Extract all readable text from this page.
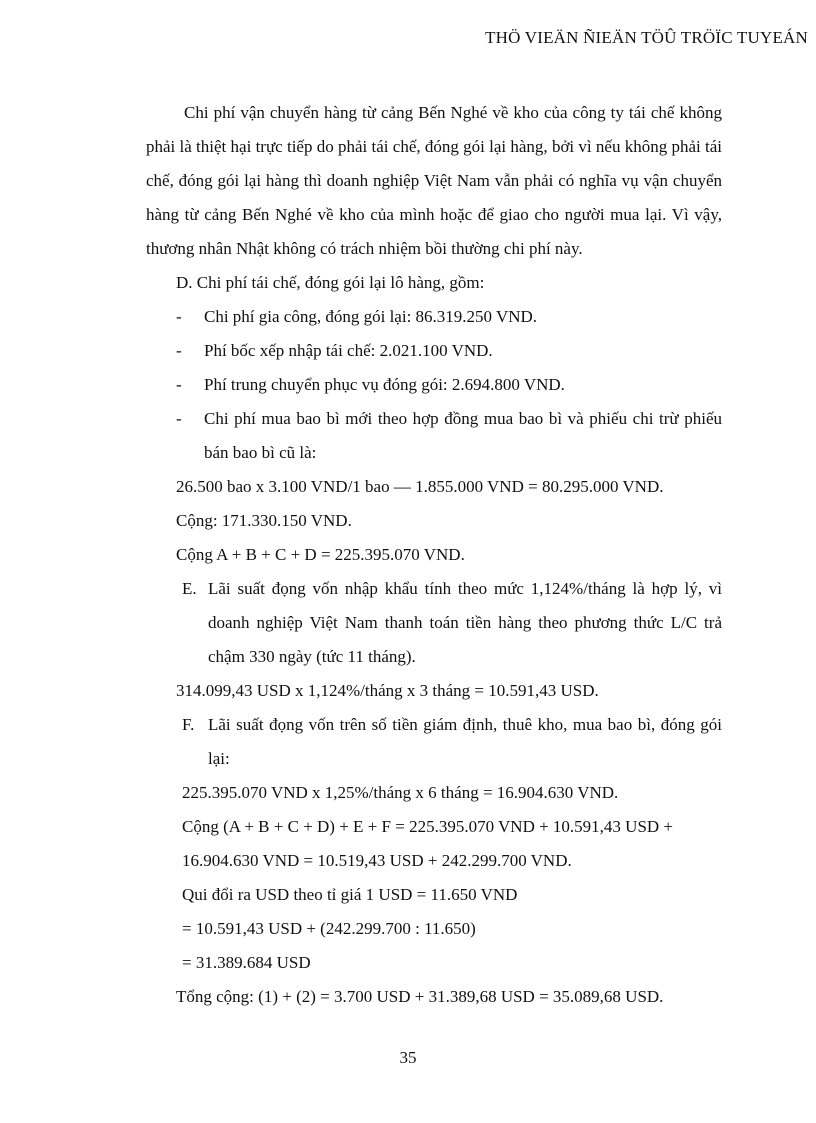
THÖ VIEÄN ÑIEÄN TÖÛ TRÖÏC TUYEÁN

Chi phí vận chuyển hàng từ cảng Bến Nghé về kho của công ty tái chế không phải là thiệt hại trực tiếp do phải tái chế, đóng gói lại hàng, bởi vì nếu không phải tái chế, đóng gói lại hàng thì doanh nghiệp Việt Nam vẫn phải có nghĩa vụ vận chuyển hàng từ cảng Bến Nghé về kho của mình hoặc để giao cho người mua lại. Vì vậy, thương nhân Nhật không có trách nhiệm bồi thường chi phí này.

D. Chi phí tái chế, đóng gói lại lô hàng, gồm:

-	Chi phí gia công, đóng gói lại: 86.319.250 VND.
-	Phí bốc xếp nhập tái chế: 2.021.100 VND.
-	Phí trung chuyển phục vụ đóng gói: 2.694.800 VND.
-	Chi phí mua bao bì mới theo hợp đồng mua bao bì và phiếu chi trừ phiếu bán bao bì cũ là:

26.500 bao x 3.100 VND/1 bao — 1.855.000 VND = 80.295.000 VND.

Cộng: 171.330.150 VND.

Cộng A + B + C + D = 225.395.070 VND.

E. Lãi suất đọng vốn nhập khẩu tính theo mức 1,124%/tháng là hợp lý, vì doanh nghiệp Việt Nam thanh toán tiền hàng theo phương thức L/C trả chậm 330 ngày (tức 11 tháng).

314.099,43 USD x 1,124%/tháng x 3 tháng = 10.591,43 USD.

F. Lãi suất đọng vốn trên số tiền giám định, thuê kho, mua bao bì, đóng gói lại:

225.395.070 VND x 1,25%/tháng x 6 tháng = 16.904.630 VND.

Cộng (A + B + C + D) + E + F = 225.395.070 VND + 10.591,43 USD +

16.904.630 VND = 10.519,43 USD + 242.299.700 VND.

Qui đổi ra USD theo tỉ giá 1 USD = 11.650 VND

= 10.591,43 USD + (242.299.700 : 11.650)

= 31.389.684 USD

Tổng cộng: (1) + (2) = 3.700 USD + 31.389,68 USD = 35.089,68 USD.

35
